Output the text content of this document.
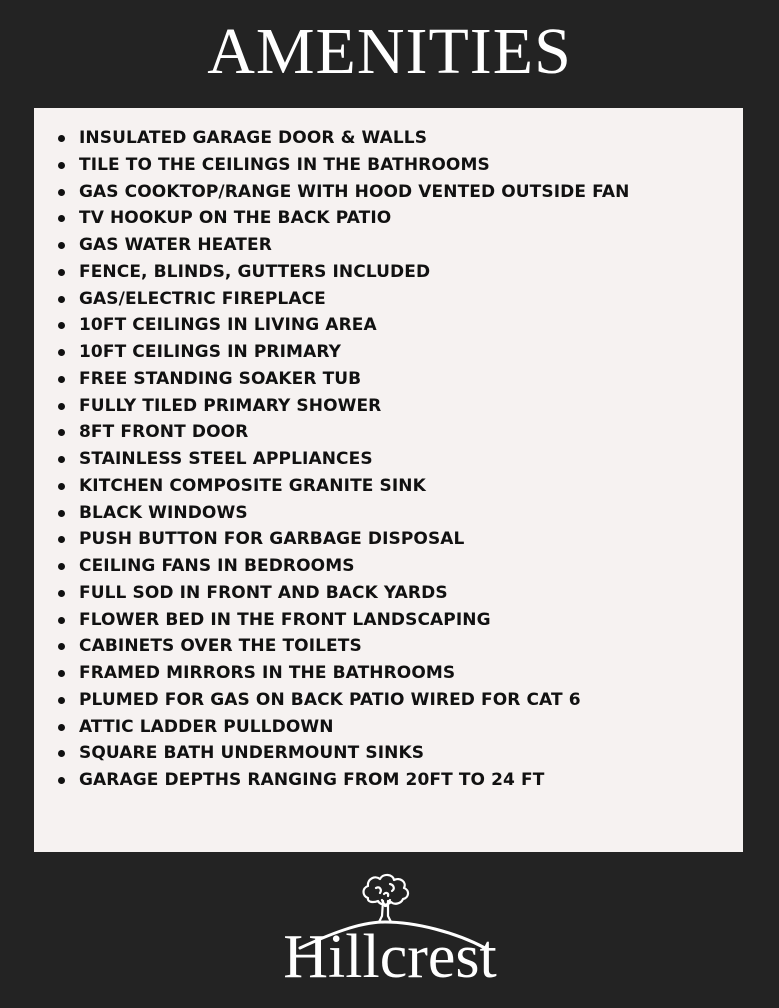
AMENITIES
INSULATED GARAGE DOOR & WALLS
TILE TO THE CEILINGS IN THE BATHROOMS
GAS COOKTOP/RANGE WITH HOOD VENTED OUTSIDE FAN
TV HOOKUP ON THE BACK PATIO
GAS WATER HEATER
FENCE, BLINDS, GUTTERS INCLUDED
GAS/ELECTRIC FIREPLACE
10FT CEILINGS IN LIVING AREA
10FT CEILINGS IN PRIMARY
FREE STANDING SOAKER TUB
FULLY TILED PRIMARY SHOWER
8FT FRONT DOOR
STAINLESS STEEL APPLIANCES
KITCHEN COMPOSITE GRANITE SINK
BLACK WINDOWS
PUSH BUTTON FOR GARBAGE DISPOSAL
CEILING FANS IN BEDROOMS
FULL SOD IN FRONT AND BACK YARDS
FLOWER BED IN THE FRONT LANDSCAPING
CABINETS OVER THE TOILETS
FRAMED MIRRORS IN THE BATHROOMS
PLUMED FOR GAS ON BACK PATIO WIRED FOR CAT 6
ATTIC LADDER PULLDOWN
SQUARE BATH UNDERMOUNT SINKS
GARAGE DEPTHS RANGING FROM 20FT TO 24 FT
Hillcrest
